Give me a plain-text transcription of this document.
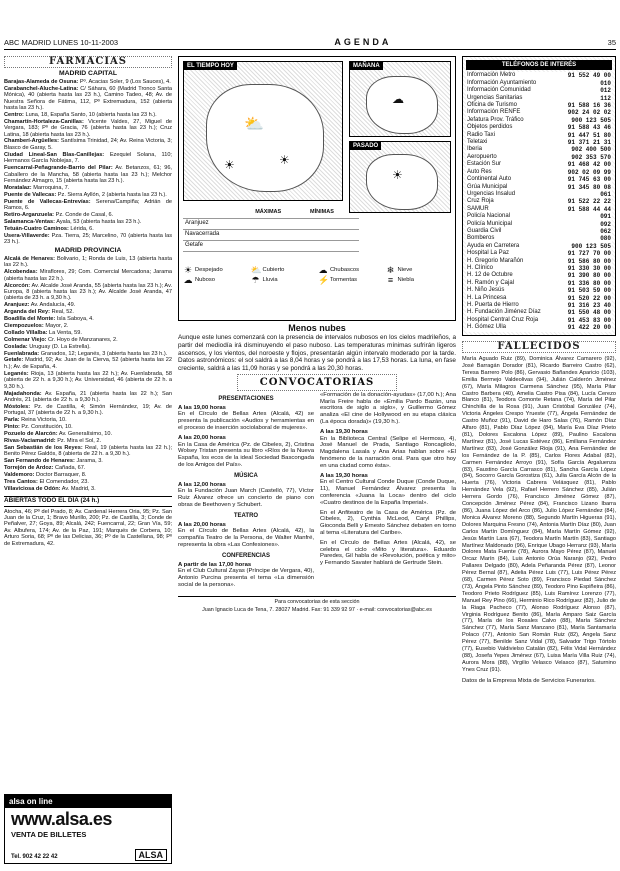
ABC MADRID LUNES 10-11-2003	AGENDA	35
FARMACIAS
MADRID CAPITAL

Barajas-Alameda de Osuna: Pº. Acacias Soler, 9 (Los Sauces), 4.

Carabanchel-Aluche-Latina: C/ Sáhara, 60 (Madrid Tronco Santa Mónica), 40 (abierta hasta las 23 h.), Camino Tadeo, 48; Av. de Nuestra Señora de Fátima, 112, Pº Extremadura, 152 (abierta hasta las 23 h.).

Centro: Luna, 18, España Santo, 10 (abierta hasta las 23 h.).

Chamartín-Hortaleza-Canillas: Vicente Valdes, 27, Miguel de Vergara, 183; Pº de Gracia, 76 (abierta hasta las 23 h.); Cruz Latina, 18 (abierta hasta las 23 h.).

Chamberí-Argüelles: Santísima Trinidad, 24; Av. Reina Victoria, 3; Blasco de Garay, 5.

Ciudad Lineal-San Blas-Canillejas: Ezequiel Solana, 110; Hermanos García Noblejas, 7.

Fuencarral-Peñagrande-Barrio del Pilar: Av. Betanzos, 61; 96, Caballero de la Mancha, 58 (abierta hasta las 23 h.); Melchor Fernández Almagro, 15 (abierta hasta las 23 h.).

Moratalaz: Marroquina, 7.

Puente de Vallecas: Pz. Sierra Ayllón, 2 (abierta hasta las 23 h.).

Puente de Vallecas-Entrevías: Serena/Campiña; Adrián de Ramos, 6.

Retiro-Arganzuela: Pz. Conde de Casal, 6.

Salamanca-Ventas: Ayala, 53 (abierta hasta las 23 h.).

Tetuán-Cuatro Caminos: Lérida, 6.

Usera-Villaverde: Pza. Tierra, 25; Marcelino, 70 (abierta hasta las 23 h.).

MADRID PROVINCIA

Alcalá de Henares: Bolivario, 1; Ronda de Luis, 13 (abierta hasta las 22 h.).

Alcobendas: Miraflores, 29; Com. Comercial Mercadona; Jarama (abierta hasta las 22 h.).

Alcorcón: Av. Alcalde José Aranda, 55 (abierta hasta las 23 h.); Av. Europa, 8 (abierta hasta las 23 h.); Av. Alcalde José Aranda, 47 (abierta de 23 h. a 9,30 h.).

Aranjuez: Av. Andalucía, 49.

Arganda del Rey: Real, 52.

Boadilla del Monte: Isla Saboya, 4.

Ciempozuelos: Mayor, 2.

Collado Villalba: La Venta, 59.

Colmenar Viejo: Cr. Hoyo de Manzanares, 2.

Coslada: Uruguay (D. La Estrella).

Fuenlabrada: Granados, 12; Leganés, 3 (abierta hasta las 23 h.).

Getafe: Madrid, 92; Av. Juan de la Cierva, 52 (abierta hasta las 22 h.); Av. de España, 4.

Leganés: Rioja, 13 (abierta hasta las 22 h.); Av. Fuenlabrada, 58 (abierta de 22 h. a 9,30 h.); Av. Universidad, 46 (abierta de 22 h. a 9,30 h.).

Majadahonda: Av. España, 21 (abierta hasta las 22 h.); San Andrés, 21 (abierta de 22 h. a 9,30 h.).

Móstoles: Pz. de Castilla, 4; Simón Hernández, 19; Av. de Portugal, 37 (abierta de 22 h. a 9,30 h.).

Parla: Reina Victoria, 10.

Pinto: Pz. Constitución, 10.

Pozuelo de Alarcón: Av. Generalísimo, 10.

Rivas-Vaciamadrid: Pz. Mira el Sol, 2.

San Sebastián de los Reyes: Real, 19 (abierta hasta las 22 h.); Benito Pérez Galdós, 8 (abierta de 22 h. a 9,30 h.).

San Fernando de Henares: Jarama, 3.

Torrejón de Ardoz: Cañada, 67.

Valdemoro: Doctor Barraquer, 8.

Tres Cantos: El Comendador, 23.

Villaviciosa de Odón: Av. Madrid, 3.

ABIERTAS TODO EL DÍA (24 h.)

Atocha, 46; Pº del Prado, 8; Av. Cardenal Herrera Oria, 95; Pz. San Juan de la Cruz, 1; Bravo Murillo, 200; Pz. de Castilla, 3; Conde de Peñalver, 27; Goya, 89; Alcalá, 242; Fuencarral, 22; Gran Vía, 59; Av. Albufera, 174; Av. de la Paz, 191; Marqués de Corbera, 10; Arturo Soria, 68; Pº de las Delicias, 36; Pº de la Castellana, 98; Pº de Extremadura, 42.

alsa on line
www.alsa.es
VENTA DE BILLETES
Tel. 902 42 22 42	ALSA
EL TIEMPO HOY
⛅
☀
☀
MAÑANA
☁
PASADO
☀
	MÁXIMAS	MÍNIMAS
Aranjuez		
Navacerrada		
Getafe		
☀ Despejado	⛅ Cubierto	☁ Chubascos	❄ Nieve
☁ Nuboso	☂ Lluvia	⚡ Tormentas	≡ Niebla
Menos nubes
Aunque este lunes comenzará con la presencia de intervalos nubosos en los cielos madrileños, a partir del mediodía irá disminuyendo el paso nuboso. Las temperaturas mínimas sufrirán ligeros ascensos, y los vientos, del noroeste y flojos, presentarán algún intervalo moderado por la tarde. Datos astronómicos: el sol saldrá a las 8,04 horas y se pondrá a las 17,53 horas. La luna, en fase creciente, saldrá a las 11,09 horas y se pondrá a las 20,30 horas.
CONVOCATORIAS
PRESENTACIONES
A las 19,00 horas

En el Círculo de Bellas Artes (Alcalá, 42) se presenta la publicación «Audios y herramientas en el proceso de inserción sociolaboral de mujeres».

A las 20,00 horas

En la Casa de América (Pz. de Cibeles, 2), Cristina Wolsey Tristan presenta su libro «Ríos de la Nueva España, los ecos de la ideal Sociedad Bascongada de los Amigos del País».

MÚSICA
A las 12,00 horas

En la Fundación Juan March (Castelló, 77), Víctor Ruiz Álvarez ofrece un concierto de piano con obras de Beethoven y Schubert.

TEATRO
A las 20,00 horas

En el Círculo de Bellas Artes (Alcalá, 42), la compañía Teatro de la Persona, de Walter Manfré, representa la obra «Las Confesiones».

CONFERENCIAS
A partir de las 17,00 horas

En el Club Cultural Zayas (Príncipe de Vergara, 40), Antonio Purcina presenta el tema «La dimensión social de la persona».

«Formación de la donación-ayudas» (17,00 h.); Ana María Freire habla de «Emilia Pardo Bazán, una escritora de siglo a siglo», y Guillermo Gómez analiza «El cine de Hollywood en su etapa clásica (La época dorada)» (19,30 h.).

A las 19,30 horas

En la Biblioteca Central (Selipe el Hermoso, 4), José Manuel de Prada, Santiago Roncagliolo, Magdalena Lasala y Ana Arias hablan sobre «El fenómeno de la narración oral. Para que otro hoy en una ciudad como ésta».

A las 19,30 horas

En el Centro Cultural Conde Duque (Conde Duque, 11), Manuel Fernández Álvarez presenta la conferencia «Juana la Loca» dentro del ciclo «Cuatro destinos de la España Imperial».

En el Anfiteatro de la Casa de América (Pz. de Cibeles, 2), Cynthia McLeod, Caryl Phillips, Gioconda Belli y Ernesto Sánchez debaten en torno al tema «Literatura del Caribe».

En el Círculo de Bellas Artes (Alcalá, 42), se celebra el ciclo «Mito y literatura». Eduardo Paredes, Gil habla de «Revolución, poética y mito» y Fernando Savater hablará de Gertrude Stein.

Para convocatorias de esta sección
Juan Ignacio Luca de Tena, 7. 28027 Madrid. Fax: 91 339 92 97 · e-mail: convocatorias@abc.es
TELÉFONOS DE INTERÉS
Información Metro	91 552 49 00
Información Ayuntamiento	010
Información Comunidad	012
Urgencias Sanitarias	112
Oficina de Turismo	91 588 16 36
Información RENFE	902 24 02 02
Jefatura Prov. Tráfico	900 123 505
Objetos perdidos	91 588 43 46
Radio Taxi	91 447 51 80
Teletaxi	91 371 21 31
Iberia	902 400 500
Aeropuerto	902 353 570
Estación Sur	91 468 42 00
Auto Res	902 02 09 99
Continental Auto	91 745 63 00
Grúa Municipal	91 345 80 08
Urgencias Insalud	061
Cruz Roja	91 522 22 22
SAMUR	91 588 44 44
Policía Nacional	091
Policía Municipal	092
Guardia Civil	062
Bomberos	080
Ayuda en Carretera	900 123 505
Hospital La Paz	91 727 70 00
H. Gregorio Marañón	91 586 80 00
H. Clínico	91 330 30 00
H. 12 de Octubre	91 390 80 00
H. Ramón y Cajal	91 336 80 00
H. Niño Jesús	91 503 59 00
H. La Princesa	91 520 22 00
H. Puerta de Hierro	91 316 23 40
H. Fundación Jiménez Díaz	91 550 48 00
Hospital Central Cruz Roja	91 453 83 00
H. Gómez Ulla	91 422 20 00
FALLECIDOS
María Aguado Ruiz (89), Dominica Álvarez Camarero (92), José Barragán Dorador (81), Ricardo Barreiro Castro (62), Teresa Barrero Polo (86), Gervasio Bañandes Aparicio (103), Emilia Bermejo Valdeolivas (94), Julián Calderón Jiménez (67), María Milagros Carmena Sánchez (95), María Pilar Castro Barbera (40), Amelia Castro Pisa (84), Lucía Cerezo Blanco (81), Teodora Comonte Retana (74), María del Pilar Chinchilla de la Rosa (91), Juan Cristóbal González (74), Victoria Ángeles Crespo Yrueste (77), Ángela Fernández de Castro Muñoz (91), David de Haro Salas (76), Ramón Díaz Alfaro (81), Pablo Díaz López (84), María Eva Díaz Prieto (81), Dolores Escalona López (89), Paulino Escalona Martínez (81), José Lucas Estévez (86), Emiliana Fernández Martínez (83), José González Rioja (91), Ana Fernández de los Fernández de la P. (85), Carlos Flores Adabal (82), Carmen Fernández Arroyo (91), Sofía García Argaluenza (83), Faustino García Carrasco (81), Sancha García López (84), Socorro García Gorostiza (61), Julia García Alcón de la Huerta (76), Victoria Cabrera Velásquez (81), Pablo Hernández Vela (92), Rafael Herrero Sánchez (85), Julián Herrera Gordo (76), Francisco Jiménez Gómez (87), Concepción Jiménez Pérez (84), Francisco Lizano Ibarra (86), Juana López del Arco (86), Julio López Fernández (84), Monica Álvarez Moreno (88), Segundo Martín Higueras (91), Dolores Marquina Fresno (74), Antonia Martín Díaz (80), Juan Carlos Martín Domínguez (84), María Martín Gómez (92), Jesús Martín Lara (67), Teodora Martín Martín (83), Santiago Martínez Maldonado (96), Enrique Ubago Herranz (93), María Dolores Mata Fuente (78), Aurora Mayo Pérez (87), Manuel Orcaz Marín (84), Luis Antonio Orúa Naranjo (92), Pedro Pallares Delgado (80), Adela Peñaranda Pérez (87), Leonor Pérez Bernal (87), Adelia Pérez Luis (77), Luis Pérez Pérez (68), Carmen Pérez Soto (89), Francisco Piedad Sánchez (73), Ángela Pinto Sánchez (89), Teodoro Pino Espiñeira (86), Teodoro Prieto Rodríguez (85), Luis Ramírez Lorenzo (77), Manuel Rey Pino (66), Herminio Rico Rodríguez (82), Julio de la Riaga Pacheco (77), Alonso Rodríguez Alonso (87), Virginia Rodríguez Benito (86), María Amparo Saiz García (77), María de los Rosales Calvo (88), María Sánchez Sánchez (77), María Sanz Manzano (81), María Santamaría Polaco (77), Antonio San Román Ruiz (82), Angela Sanz Pérez (77), Benilde Sanz Vidal (78), Salvador Trigo Tórtolo (77), Eusebio Valdivielso Catalán (82), Félix Vidal Hernández (88), Josefa Yepes Jiménez (67), Luisa María Villa Ruiz (74), Aurora Mora (88), Virgilio Velasco Velasco (87), Saturnino Ynes Cruz (91).
Datos de la Empresa Mixta de Servicios Funerarios.
